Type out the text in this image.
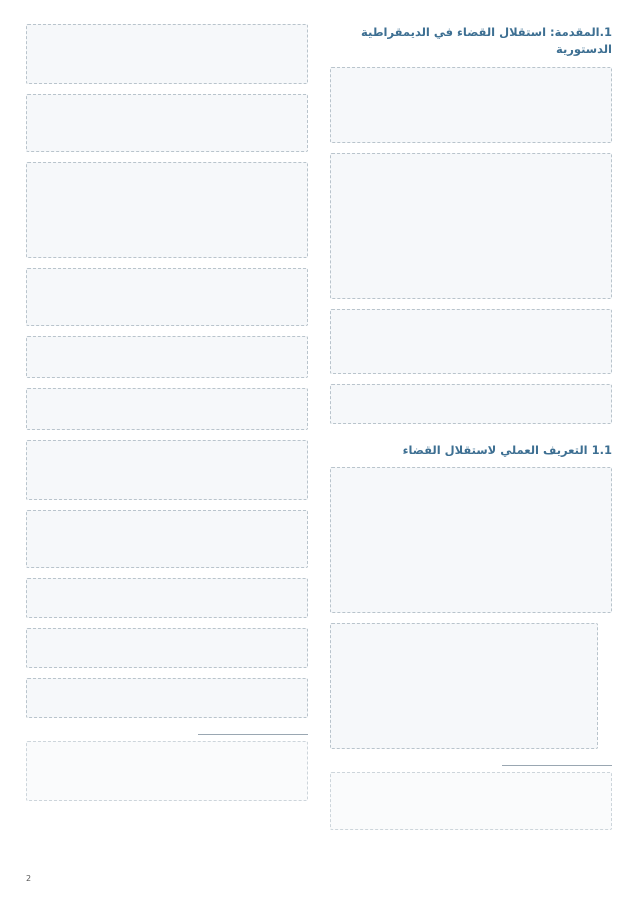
1.المقدمة: استقلال القضاء في الديمقراطية الدستورية
1.1 التعريف العملي لاستقلال القضاء
2
